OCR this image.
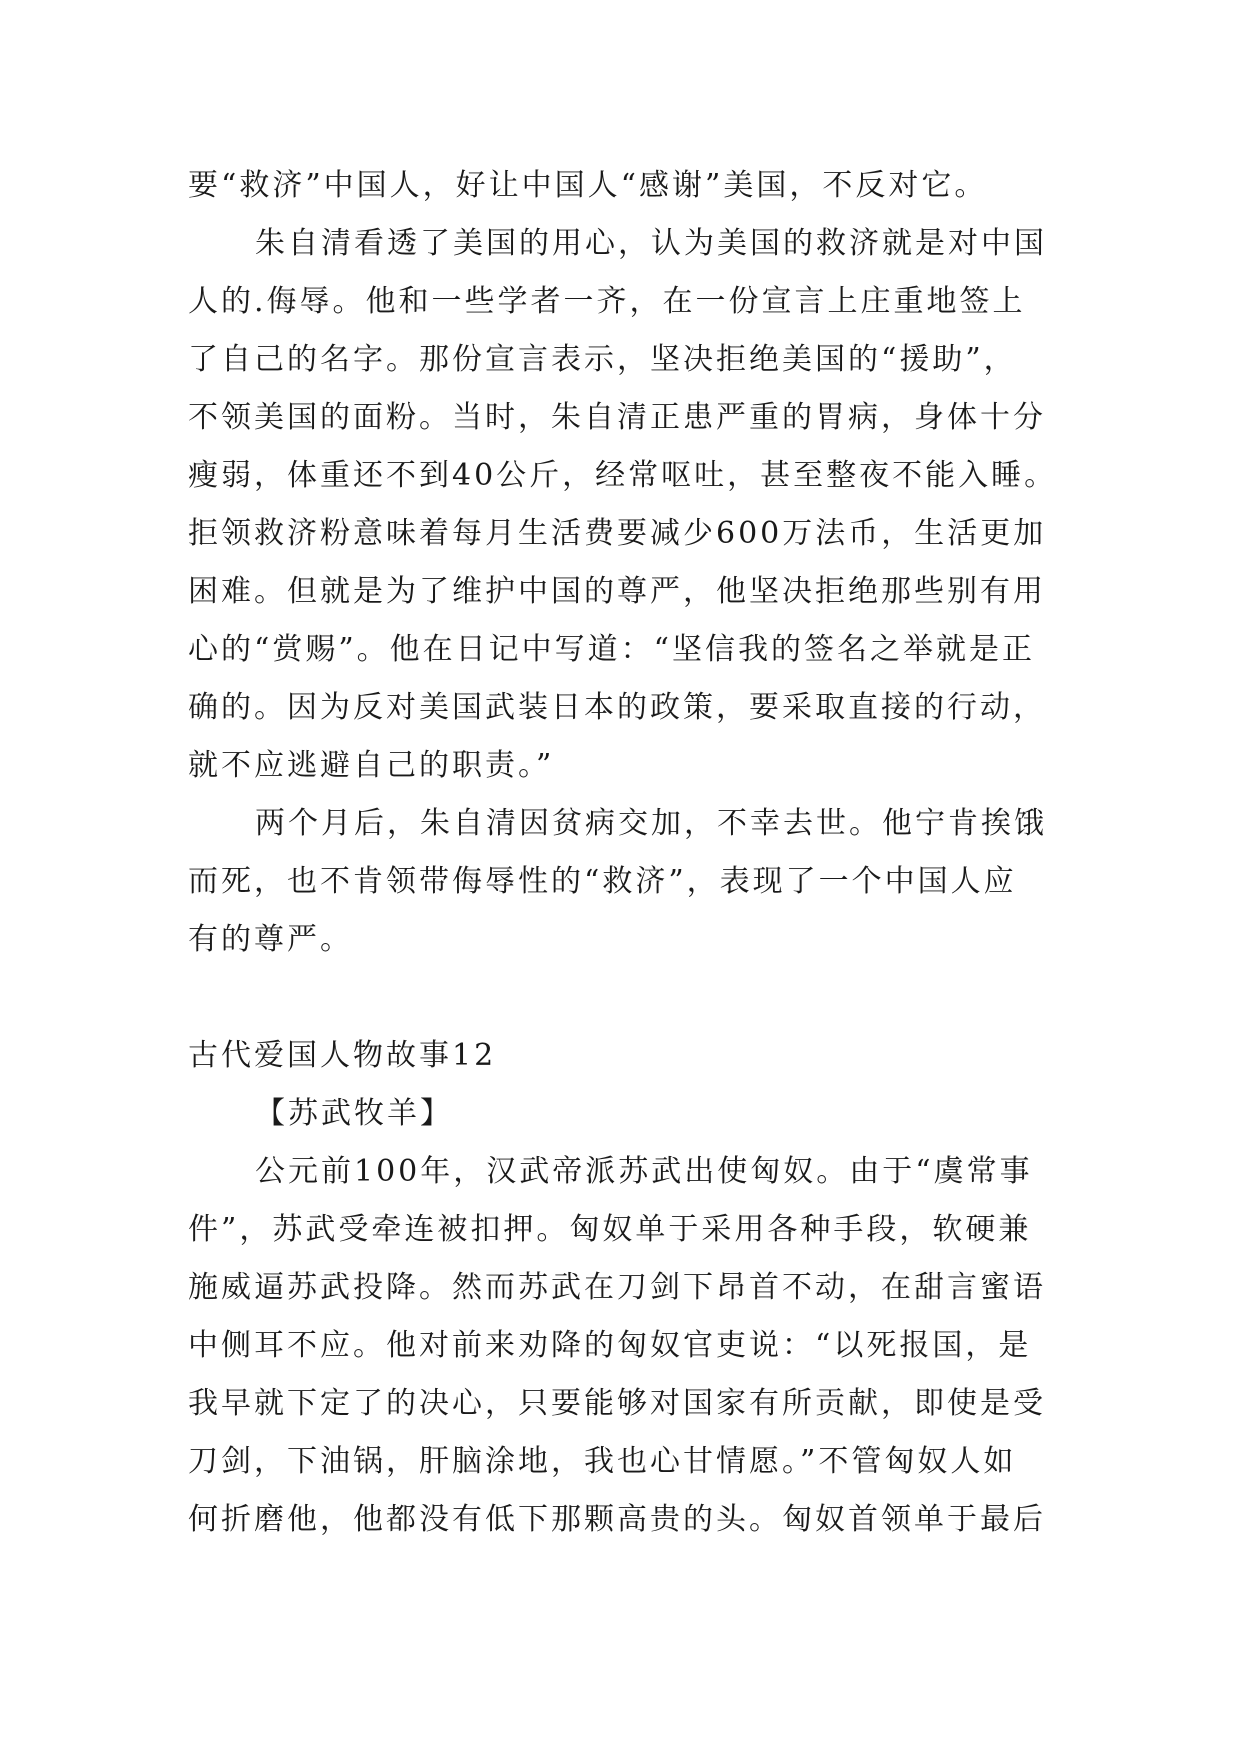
要“救济”中国人，好让中国人“感谢”美国，不反对它。
朱自清看透了美国的用心，认为美国的救济就是对中国
人的.侮辱。他和一些学者一齐，在一份宣言上庄重地签上
了自己的名字。那份宣言表示，坚决拒绝美国的“援助”，
不领美国的面粉。当时，朱自清正患严重的胃病，身体十分
瘦弱，体重还不到40公斤，经常呕吐，甚至整夜不能入睡。
拒领救济粉意味着每月生活费要减少600万法币，生活更加
困难。但就是为了维护中国的尊严，他坚决拒绝那些别有用
心的“赏赐”。他在日记中写道：“坚信我的签名之举就是正
确的。因为反对美国武装日本的政策，要采取直接的行动，
就不应逃避自己的职责。”
两个月后，朱自清因贫病交加，不幸去世。他宁肯挨饿
而死，也不肯领带侮辱性的“救济”，表现了一个中国人应
有的尊严。
古代爱国人物故事12
【苏武牧羊】
公元前100年，汉武帝派苏武出使匈奴。由于“虞常事
件”，苏武受牵连被扣押。匈奴单于采用各种手段，软硬兼
施威逼苏武投降。然而苏武在刀剑下昂首不动，在甜言蜜语
中侧耳不应。他对前来劝降的匈奴官吏说：“以死报国，是
我早就下定了的决心，只要能够对国家有所贡献，即使是受
刀剑，下油锅，肝脑涂地，我也心甘情愿。”不管匈奴人如
何折磨他，他都没有低下那颗高贵的头。匈奴首领单于最后
